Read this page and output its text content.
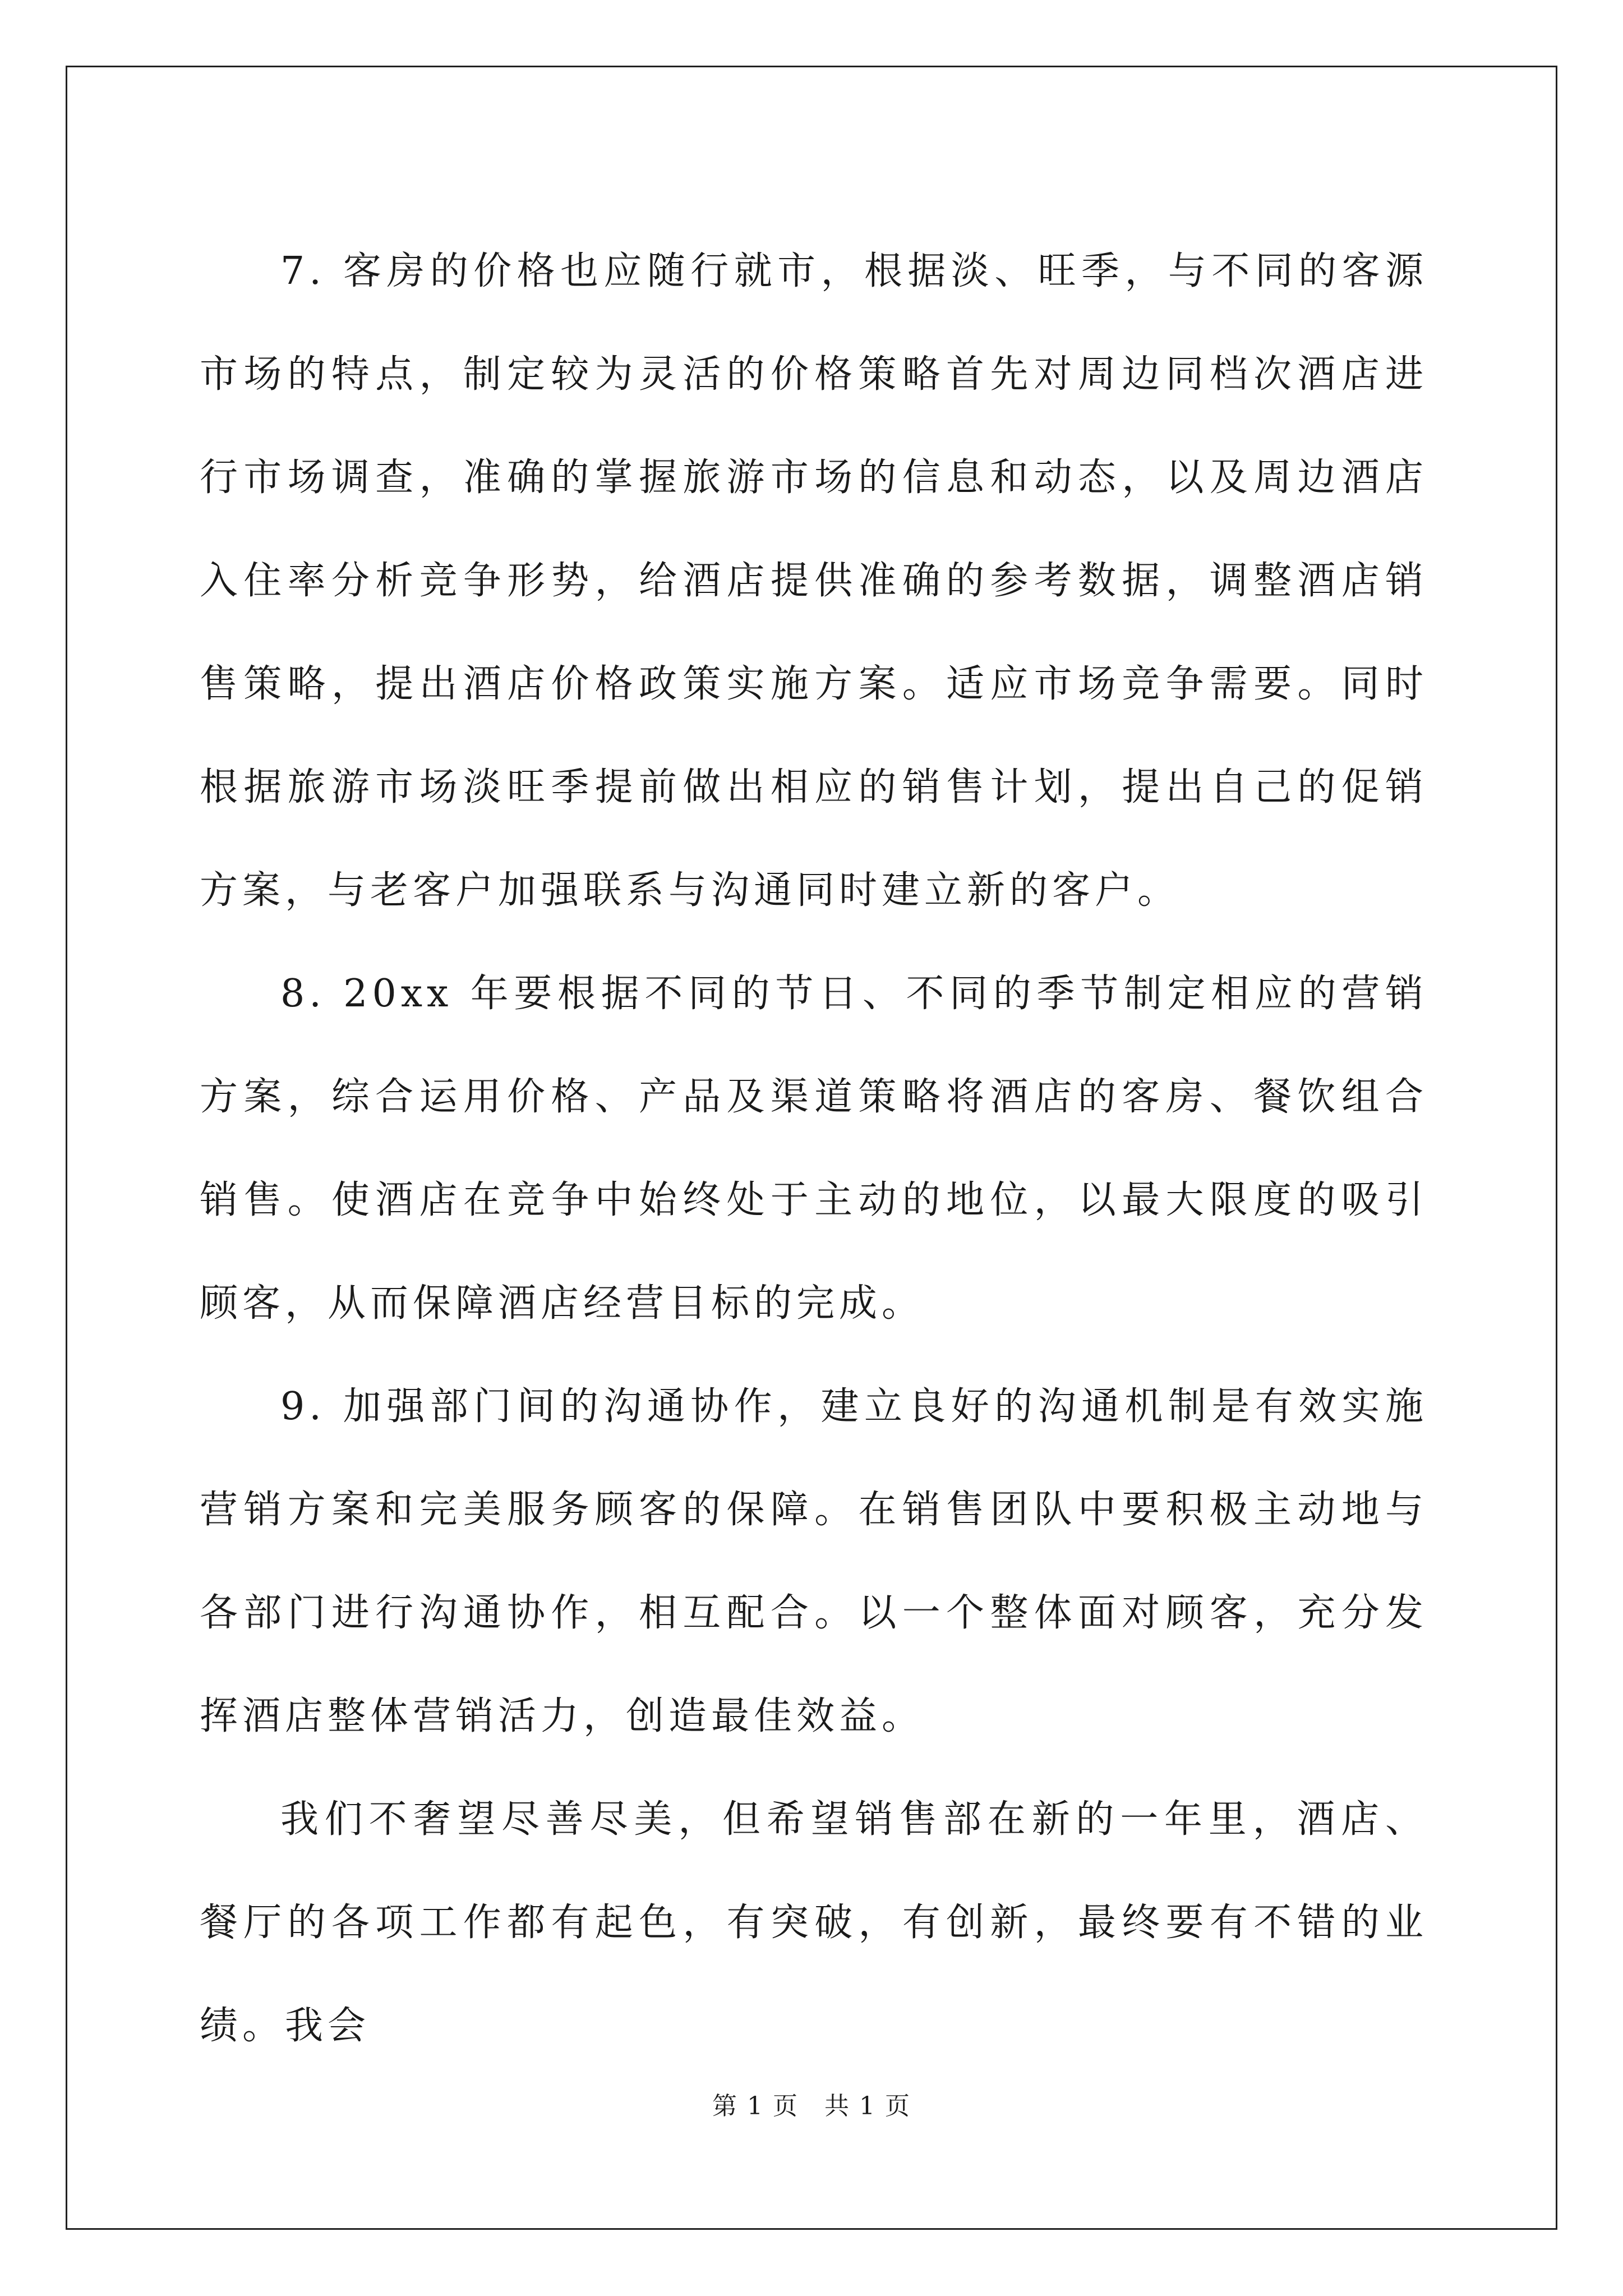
7. 客房的价格也应随行就市，根据淡、旺季，与不同的客源市场的特点，制定较为灵活的价格策略首先对周边同档次酒店进行市场调查，准确的掌握旅游市场的信息和动态，以及周边酒店入住率分析竞争形势，给酒店提供准确的参考数据，调整酒店销售策略，提出酒店价格政策实施方案。适应市场竞争需要。同时根据旅游市场淡旺季提前做出相应的销售计划，提出自己的促销方案，与老客户加强联系与沟通同时建立新的客户。

8. 20xx 年要根据不同的节日、不同的季节制定相应的营销方案，综合运用价格、产品及渠道策略将酒店的客房、餐饮组合销售。使酒店在竞争中始终处于主动的地位，以最大限度的吸引顾客，从而保障酒店经营目标的完成。

9. 加强部门间的沟通协作，建立良好的沟通机制是有效实施营销方案和完美服务顾客的保障。在销售团队中要积极主动地与各部门进行沟通协作，相互配合。以一个整体面对顾客，充分发挥酒店整体营销活力，创造最佳效益。

我们不奢望尽善尽美，但希望销售部在新的一年里，酒店、餐厅的各项工作都有起色，有突破，有创新，最终要有不错的业绩。我会

第 1 页　共 1 页
